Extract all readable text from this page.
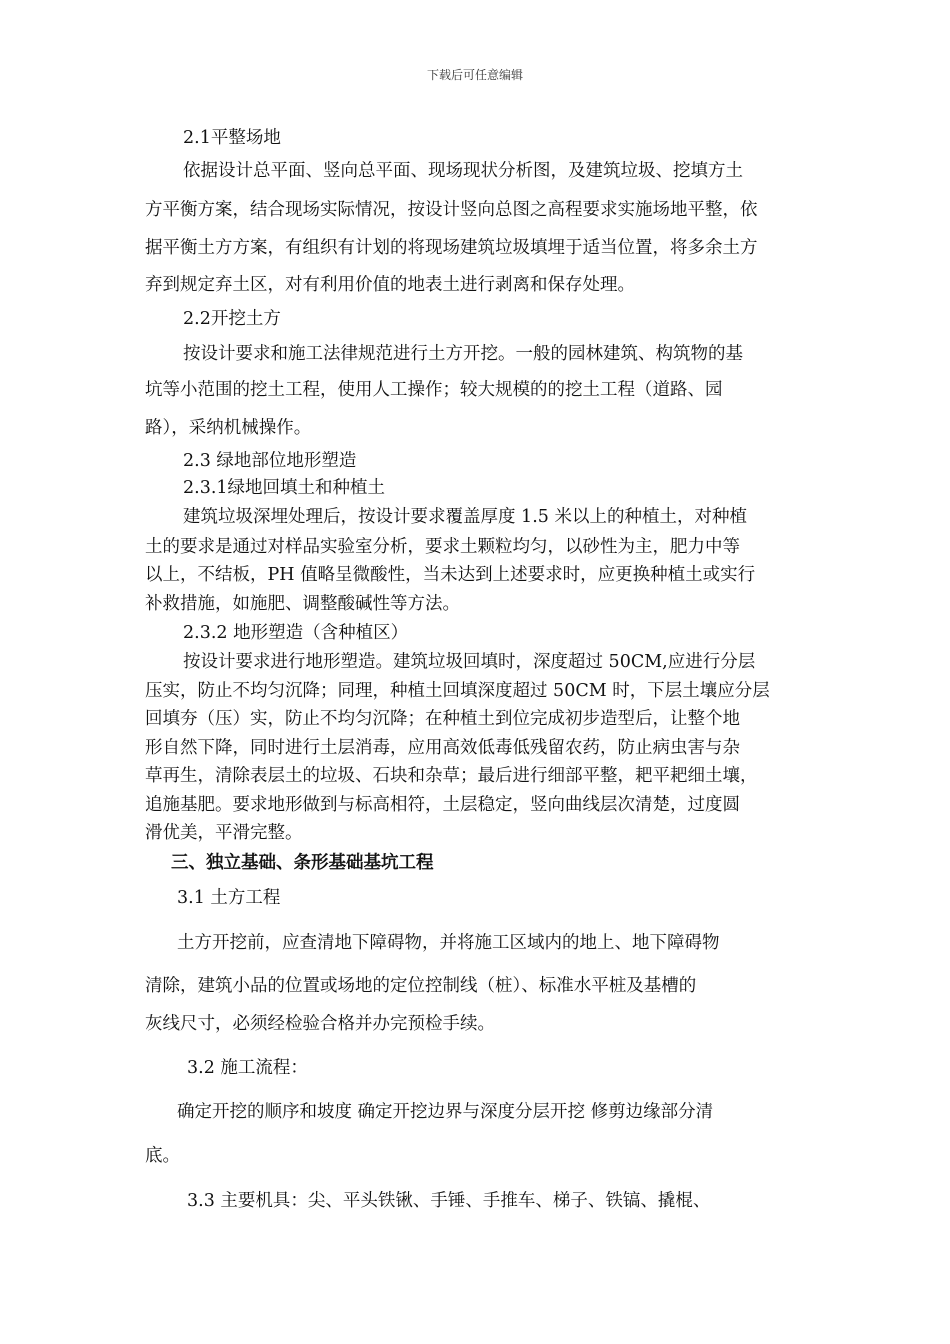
下载后可任意编辑
2.1平整场地
依据设计总平面、竖向总平面、现场现状分析图，及建筑垃圾、挖填方土
方平衡方案，结合现场实际情况，按设计竖向总图之高程要求实施场地平整，依
据平衡土方方案，有组织有计划的将现场建筑垃圾填埋于适当位置，将多余土方
弃到规定弃土区，对有利用价值的地表土进行剥离和保存处理。
2.2开挖土方
按设计要求和施工法律规范进行土方开挖。一般的园林建筑、构筑物的基
坑等小范围的挖土工程，使用人工操作；较大规模的的挖土工程（道路、园
路），采纳机械操作。
2.3 绿地部位地形塑造
2.3.1绿地回填土和种植土
建筑垃圾深埋处理后，按设计要求覆盖厚度 1.5 米以上的种植土，对种植
土的要求是通过对样品实验室分析，要求土颗粒均匀，以砂性为主，肥力中等
以上，不结板，PH 值略呈微酸性，当未达到上述要求时，应更换种植土或实行
补救措施，如施肥、调整酸碱性等方法。
2.3.2 地形塑造（含种植区）
按设计要求进行地形塑造。建筑垃圾回填时，深度超过 50CM,应进行分层
压实，防止不均匀沉降；同理，种植土回填深度超过 50CM 时，下层土壤应分层
回填夯（压）实，防止不均匀沉降；在种植土到位完成初步造型后，让整个地
形自然下降，同时进行土层消毒，应用高效低毒低残留农药，防止病虫害与杂
草再生，清除表层土的垃圾、石块和杂草；最后进行细部平整，耙平耙细土壤，
追施基肥。要求地形做到与标高相符，土层稳定，竖向曲线层次清楚，过度圆
滑优美，平滑完整。
三、独立基础、条形基础基坑工程
3.1 土方工程
土方开挖前，应查清地下障碍物，并将施工区域内的地上、地下障碍物
清除，建筑小品的位置或场地的定位控制线（桩）、标准水平桩及基槽的
灰线尺寸，必须经检验合格并办完预检手续。
3.2 施工流程：
确定开挖的顺序和坡度 确定开挖边界与深度分层开挖 修剪边缘部分清
底。
3.3 主要机具：尖、平头铁锹、手锤、手推车、梯子、铁镐、撬棍、
